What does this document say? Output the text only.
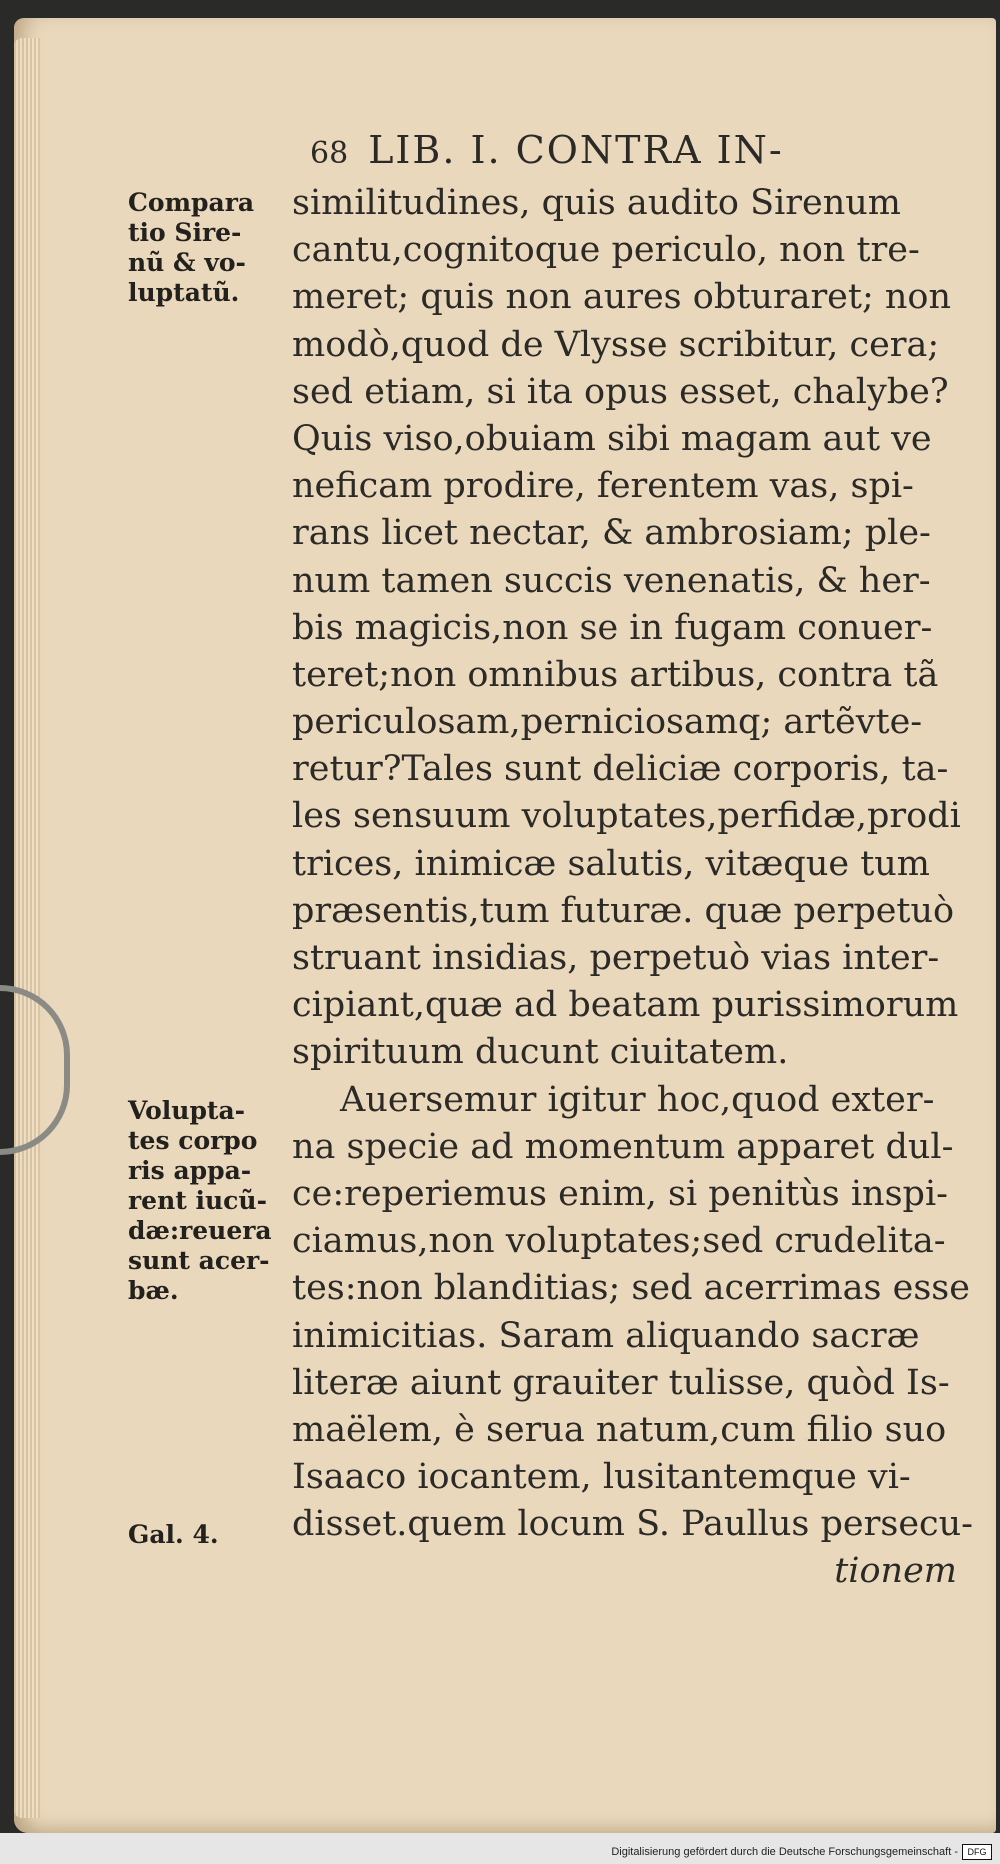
68 LIB. I. CONTRA IN-
Compara
tio Sire-
nũ & vo-
luptatũ.
Volupta-
tes corpo
ris appa-
rent iucũ-
dæ:reuera
sunt acer-
bæ.
Gal. 4.
similitudines, quis audito Sirenum
cantu,cognitoque periculo, non tre-
meret; quis non aures obturaret; non
modò,quod de Vlysse scribitur, cera;
sed etiam, si ita opus esset, chalybe?
Quis viso,obuiam sibi magam aut ve
neficam prodire, ferentem vas, spi-
rans licet nectar, & ambrosiam; ple-
num tamen succis venenatis, & her-
bis magicis,non se in fugam conuer-
teret;non omnibus artibus, contra tã
periculosam,perniciosamq; artẽvte-
retur?Tales sunt deliciæ corporis, ta-
les sensuum voluptates,perfidæ,prodi
trices, inimicæ salutis, vitæque tum
præsentis,tum futuræ. quæ perpetuò
struant insidias, perpetuò vias inter-
cipiant,quæ ad beatam purissimorum
spirituum ducunt ciuitatem.
Auersemur igitur hoc,quod exter-
na specie ad momentum apparet dul-
ce:reperiemus enim, si penitùs inspi-
ciamus,non voluptates;sed crudelita-
tes:non blanditias; sed acerrimas esse
inimicitias. Saram aliquando sacræ
literæ aiunt grauiter tulisse, quòd Is-
maëlem, è serua natum,cum filio suo
Isaaco iocantem, lusitantemque vi-
disset.quem locum S. Paullus persecu-
tionem
Digitalisierung gefördert durch die Deutsche Forschungsgemeinschaft -	DFG
